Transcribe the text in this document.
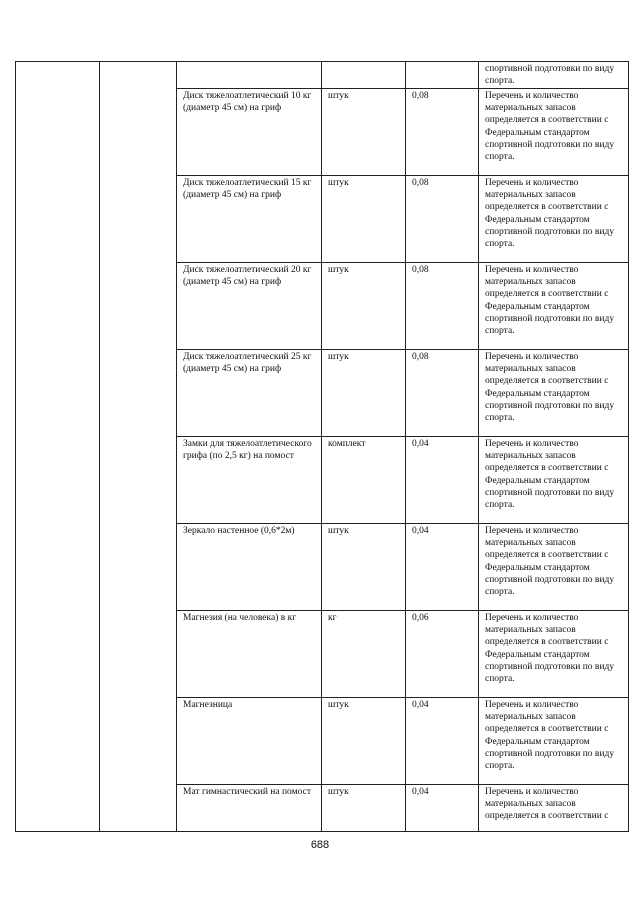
					спортивной подготовки по виду спорта.

		Диск тяжелоатлетический 10 кг (диаметр 45 см) на гриф	штук	0,08	Перечень и количество материальных запасов определяется в соответствии с Федеральным стандартом спортивной подготовки по виду спорта.

		Диск тяжелоатлетический 15 кг (диаметр 45 см) на гриф	штук	0,08	Перечень и количество материальных запасов определяется в соответствии с Федеральным стандартом спортивной подготовки по виду спорта.

		Диск тяжелоатлетический 20 кг (диаметр 45 см) на гриф	штук	0,08	Перечень и количество материальных запасов определяется в соответствии с Федеральным стандартом спортивной подготовки по виду спорта.

		Диск тяжелоатлетический 25 кг (диаметр 45 см) на гриф	штук	0,08	Перечень и количество материальных запасов определяется в соответствии с Федеральным стандартом спортивной подготовки по виду спорта.

		Замки для тяжелоатлетического грифа (по 2,5 кг) на помост	комплект	0,04	Перечень и количество материальных запасов определяется в соответствии с Федеральным стандартом спортивной подготовки по виду спорта.

		Зеркало настенное (0,6*2м)	штук	0,04	Перечень и количество материальных запасов определяется в соответствии с Федеральным стандартом спортивной подготовки по виду спорта.

		Магнезия (на человека) в кг	кг	0,06	Перечень и количество материальных запасов определяется в соответствии с Федеральным стандартом спортивной подготовки по виду спорта.

		Магнезница	штук	0,04	Перечень и количество материальных запасов определяется в соответствии с Федеральным стандартом спортивной подготовки по виду спорта.

		Мат гимнастический на помост	штук	0,04	Перечень и количество материальных запасов определяется в соответствии с
688
